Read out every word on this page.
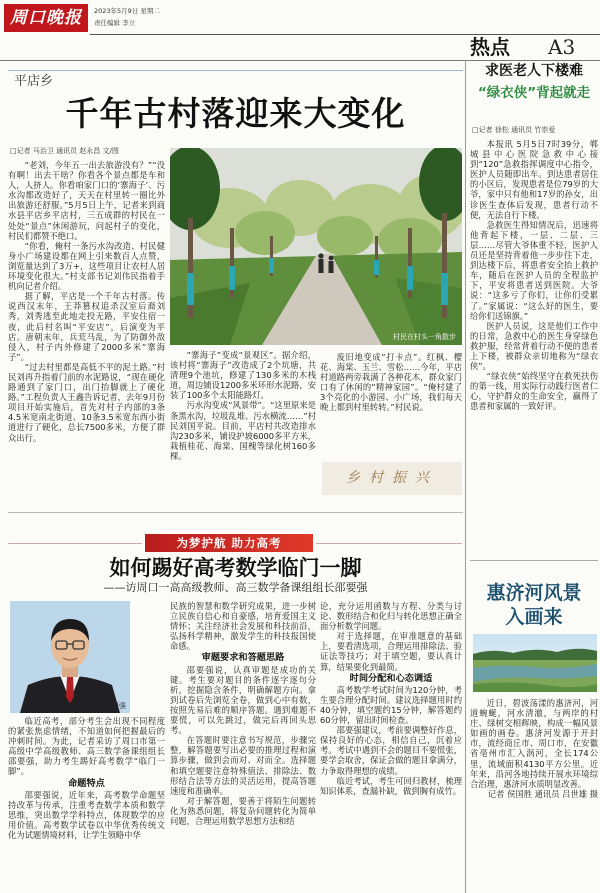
周口晚报	2023年5月9日 星期二
责任编辑 李立
热点 A3
平店乡
千年古村落迎来大变化
□记者 马治卫 通讯员 赵永昌 文/图

“老刘，今年五一出去旅游没有？”“没有啊！出去干啥？你看各个景点都是车和人，人挤人。你看咱家门口的‘寨海子’、污水沟都改造好了，天天在村里转一圈比外出旅游还舒服。”5月5日上午，记者来到商水县平店乡平店村，三五成群的村民在一处处“景点”休闲游玩，问起村子的变化，村民们都赞不绝口。

“你看，俺村一条污水沟改造、村民健身小广场建设都在网上引来数百人点赞，浏览量达到了3万+，这些项目让农村人居环境变化很大。”村支部书记刘伟民指着手机向记者介绍。

据了解，平店是一个千年古村落。传说西汉末年，王莽篡权追杀汉室后裔刘秀，刘秀逃至此地走投无路，平安住宿一夜，此后村名叫“平安店”，后演变为平店。唐朝末年，兵荒马乱，为了防御外敌侵入，村子内外修建了2000多米“寨海子”。

“过去村里都是高低不平的泥土路。”村民刘再升指着门前的水泥路说，“现在硬化路通到了家门口，出门抬脚就上了硬化路。”工程负责人王鑫告诉记者，去年9月份项目开始实施后，首先对村子内部的3条4.5米宽南北街道、10条3.5米宽东西小街道进行了硬化，总长7500多米，方便了群众出行。

村民在村头一角散步

“寨海子”变成“景观区”。据介绍，该村将“寨海子”改造成了2个坑塘，共清理9个池坑，修建了130多米的木栈道，周边铺设1200多米环形水泥路，安装了100多个太阳能路灯。

污水沟变成“风景带”。“这里原来是条黑水沟，垃圾乱堆、污水横流……”村民刘国平说。目前，平店村共改造排水沟230多米，铺设护坡6000多平方米，栽植桂花、海棠、国槐等绿化树160多棵。

废旧地变成“打卡点”。红枫、樱花、海棠、玉兰、雪松……今年，平店村道路两旁栽满了各种花木，群众家门口有了休闲的“精神家园”。“俺村建了3个亮化的小游园、小广场，我们每天晚上都到村里转转。”村民说。

乡村振兴
为梦护航 助力高考
如何踢好高考数学临门一脚
——访周口一高高级教师、高三数学备课组组长邵要强
邵要强

临近高考，部分考生会出现不同程度的紧张焦虑情绪，不知道如何把握最后的冲刺时间。为此，记者采访了周口市第一高级中学高级教师、高三数学备课组组长邵要强，助力考生踢好高考数学“临门一脚”。

命题特点

邵要强说，近年来，高考数学命题坚持改革与传承，注重考查数学本质和数学思维，突出数学学科特点，体现数学的应用价值。高考数学试卷以中华优秀传统文化为试题情境材料，让学生领略中华

民族的智慧和数学研究成果，进一步树立民族自信心和自豪感，培育爱国主义情怀；关注经济社会发展和科技前沿，弘扬科学精神，激发学生的科技报国使命感。

审题要求和答题思路

邵要强说，认真审题是成功的关键。考生要对题目的条件逐字逐句分析，挖掘隐含条件，明确解题方向。拿到试卷后先浏览全卷，做到心中有数，按照先易后难的顺序答题。遇到难题不要慌，可以先跳过，做完后再回头思考。

在答题时要注意书写规范，步骤完整，解答题要写出必要的推理过程和演算步骤，做到会而对、对而全。选择题和填空题要注意特殊值法、排除法、数形结合法等方法的灵活运用，提高答题速度和准确率。

对于解答题，要善于将陌生问题转化为熟悉问题，将复杂问题转化为简单问题，合理运用数学思想方法和结

论，充分运用函数与方程、分类与讨论、数形结合和化归与转化思想正确全面分析数学问题。

对于选择题，在审准题意的基础上，要看清选项，合理运用排除法、验证法等技巧；对于填空题，要认真计算，结果要化到最简。

时间分配和心态调适

高考数学考试时间为120分钟，考生要合理分配时间。建议选择题用时约40分钟，填空题约15分钟，解答题约60分钟，留出时间检查。

邵要强建议，考前要调整好作息，保持良好的心态，相信自己，沉着应考。考试中遇到不会的题目不要慌张，要学会取舍，保证会做的题目拿满分，力争取得理想的成绩。

临近考试，考生可回归教材，梳理知识体系，查漏补缺，做到胸有成竹。

求医老人下楼难
“绿衣侠”背起就走
□记者 徐松 通讯员 竹崇爱

本报讯 5月5日7时39分，郸城县中心医院急救中心接到“120”急救指挥调度中心指令，医护人员随即出车。到达患者居住的小区后，发现患者是位79岁的大爷，家中只有他和17岁的孙女，出诊医生查体后发现，患者行动不便，无法自行下楼。

急救医生得知情况后，迅速将他背起下楼，一层、二层、三层……尽管大爷体重不轻，医护人员还是坚持背着他一步步往下走，到达楼下后，将患者安全抬上救护车，随后在医护人员的全程监护下，平安将患者送到医院。大爷说：“这多亏了你们，让你们受累了。”家属说：“这么好的医生，要给你们送锦旗。”

医护人员说，这是他们工作中的日常，急救中心的医生身穿绿色救护服，经常背着行动不便的患者上下楼，被群众亲切地称为“绿衣侠”。

“绿衣侠”始终坚守在救死扶伤的第一线，用实际行动践行医者仁心，守护群众的生命安全，赢得了患者和家属的一致好评。

惠济河风景
入画来

近日，碧波荡漾的惠济河，河道蜿蜒，河水清澈，与两岸的村庄、绿树交相辉映，构成一幅风景如画的画卷。惠济河发源于开封市，流经商丘市、周口市，在安徽省亳州市汇入涡河，全长174公里，流域面积4130平方公里。近年来，沿河各地持续开展水环境综合治理，惠济河水质明显改善。

记者 侯国胜 通讯员 吕世雄 摄
